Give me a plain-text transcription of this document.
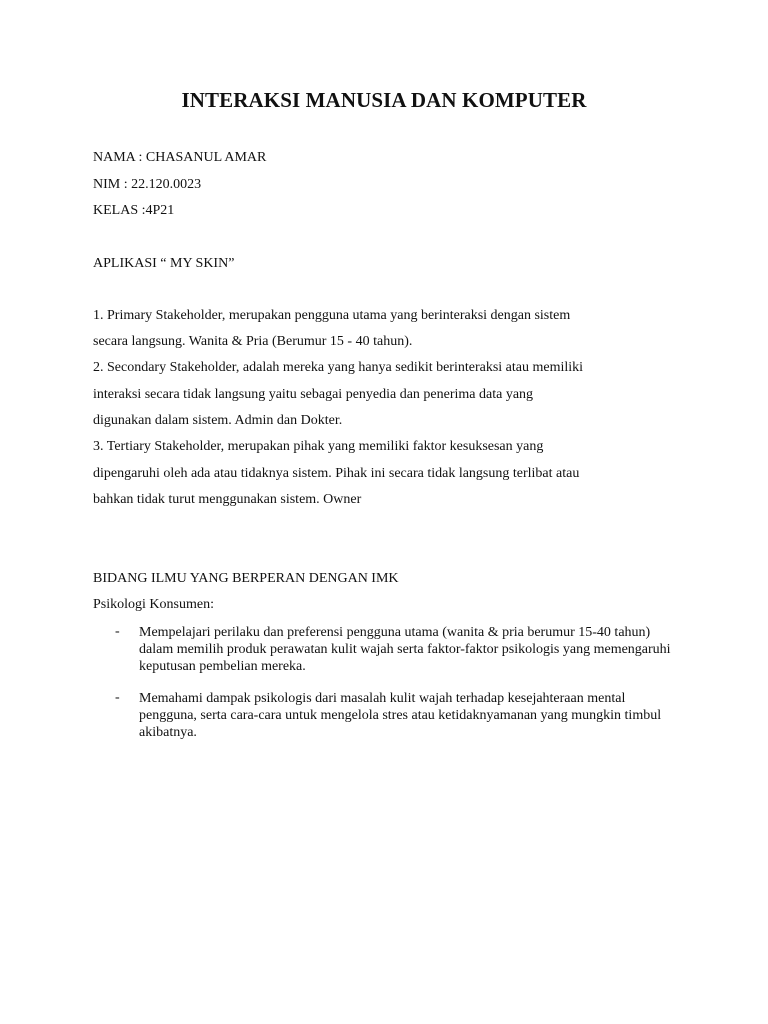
INTERAKSI MANUSIA DAN KOMPUTER
NAMA : CHASANUL AMAR
NIM : 22.120.0023
KELAS :4P21
APLIKASI “ MY SKIN”
1. Primary Stakeholder, merupakan pengguna utama yang berinteraksi dengan sistem
secara langsung. Wanita & Pria (Berumur 15 - 40 tahun).
2. Secondary Stakeholder, adalah mereka yang hanya sedikit berinteraksi atau memiliki
interaksi secara tidak langsung yaitu sebagai penyedia dan penerima data yang
digunakan dalam sistem. Admin dan Dokter.
3. Tertiary Stakeholder, merupakan pihak yang memiliki faktor kesuksesan yang
dipengaruhi oleh ada atau tidaknya sistem. Pihak ini secara tidak langsung terlibat atau
bahkan tidak turut menggunakan sistem. Owner
BIDANG ILMU YANG BERPERAN DENGAN IMK
Psikologi Konsumen:
- Mempelajari perilaku dan preferensi pengguna utama (wanita & pria berumur 15-40 tahun) dalam memilih produk perawatan kulit wajah serta faktor-faktor psikologis yang memengaruhi keputusan pembelian mereka.
- Memahami dampak psikologis dari masalah kulit wajah terhadap kesejahteraan mental pengguna, serta cara-cara untuk mengelola stres atau ketidaknyamanan yang mungkin timbul akibatnya.
